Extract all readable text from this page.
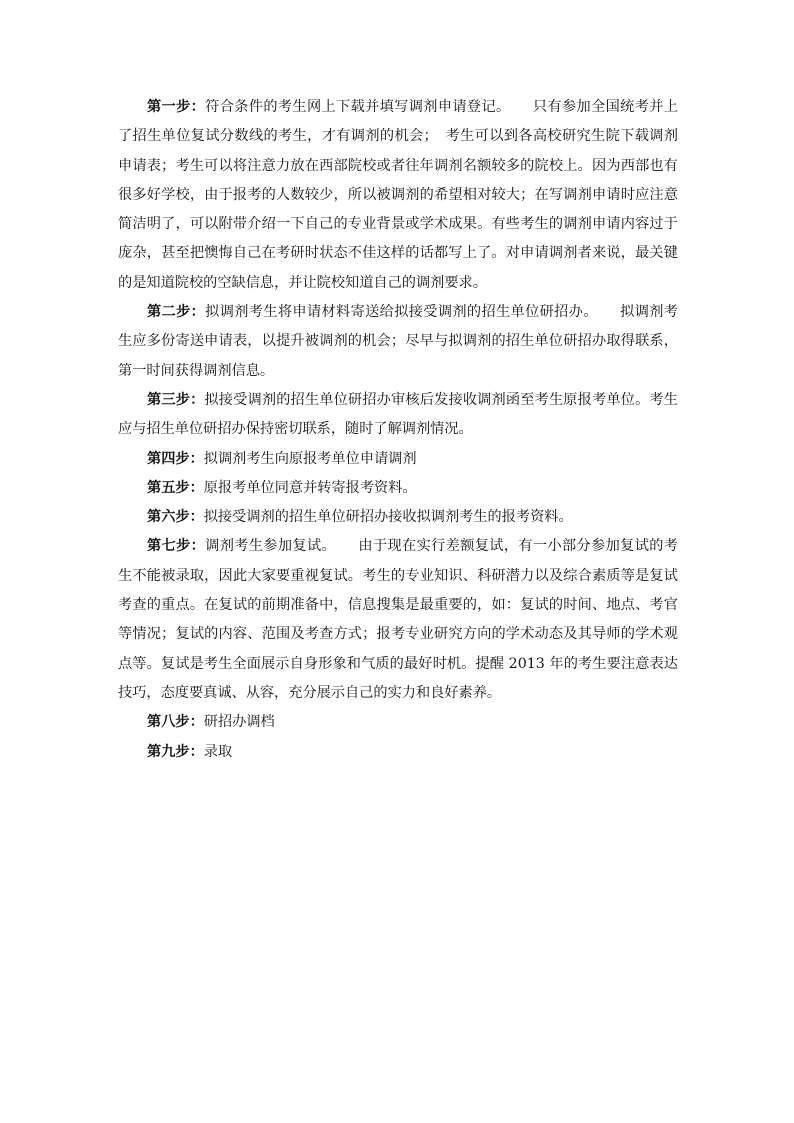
第一步：符合条件的考生网上下载并填写调剂申请登记。 只有参加全国统考并上了招生单位复试分数线的考生，才有调剂的机会；　考生可以到各高校研究生院下载调剂申请表；考生可以将注意力放在西部院校或者往年调剂名额较多的院校上。因为西部也有很多好学校，由于报考的人数较少，所以被调剂的希望相对较大；在写调剂申请时应注意简洁明了，可以附带介绍一下自己的专业背景或学术成果。有些考生的调剂申请内容过于庞杂，甚至把懊悔自己在考研时状态不佳这样的话都写上了。对申请调剂者来说，最关键的是知道院校的空缺信息，并让院校知道自己的调剂要求。

第二步：拟调剂考生将申请材料寄送给拟接受调剂的招生单位研招办。 拟调剂考生应多份寄送申请表，以提升被调剂的机会；尽早与拟调剂的招生单位研招办取得联系，第一时间获得调剂信息。

第三步：拟接受调剂的招生单位研招办审核后发接收调剂函至考生原报考单位。考生应与招生单位研招办保持密切联系，随时了解调剂情况。

第四步：拟调剂考生向原报考单位申请调剂

第五步：原报考单位同意并转寄报考资料。

第六步：拟接受调剂的招生单位研招办接收拟调剂考生的报考资料。

第七步：调剂考生参加复试。 由于现在实行差额复试，有一小部分参加复试的考生不能被录取，因此大家要重视复试。考生的专业知识、科研潜力以及综合素质等是复试考查的重点。在复试的前期准备中，信息搜集是最重要的，如：复试的时间、地点、考官等情况；复试的内容、范围及考查方式；报考专业研究方向的学术动态及其导师的学术观点等。复试是考生全面展示自身形象和气质的最好时机。提醒 2013 年的考生要注意表达技巧，态度要真诚、从容，充分展示自己的实力和良好素养。

第八步：研招办调档

第九步：录取
